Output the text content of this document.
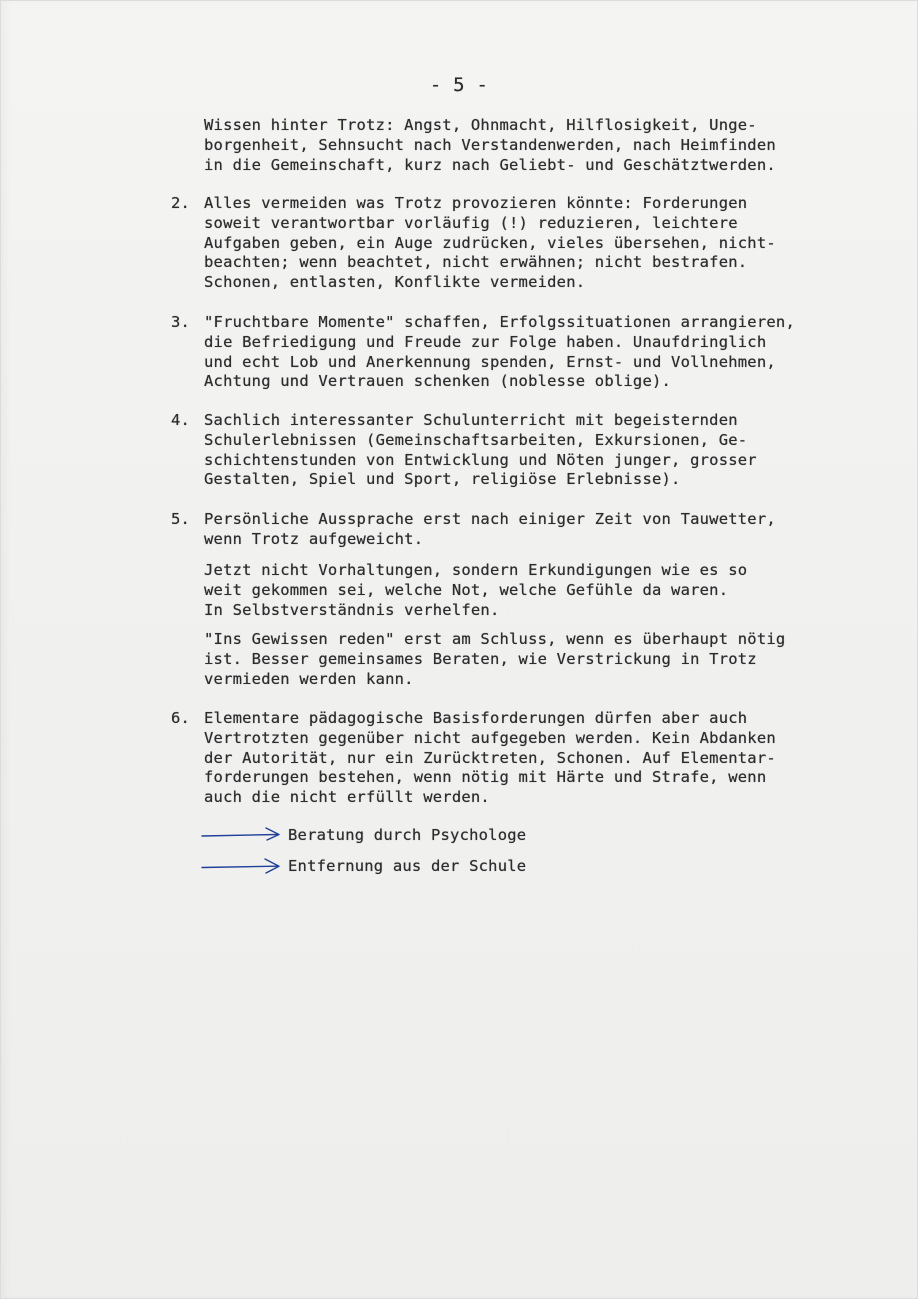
- 5 -
Wissen hinter Trotz: Angst, Ohnmacht, Hilflosigkeit, Unge-
borgenheit, Sehnsucht nach Verstandenwerden, nach Heimfinden
in die Gemeinschaft, kurz nach Geliebt- und Geschätztwerden.
2. Alles vermeiden was Trotz provozieren könnte: Forderungen
soweit verantwortbar vorläufig (!) reduzieren, leichtere
Aufgaben geben, ein Auge zudrücken, vieles übersehen, nicht-
beachten; wenn beachtet, nicht erwähnen; nicht bestrafen.
Schonen, entlasten, Konflikte vermeiden.
3. "Fruchtbare Momente" schaffen, Erfolgssituationen arrangieren,
die Befriedigung und Freude zur Folge haben. Unaufdringlich
und echt Lob und Anerkennung spenden, Ernst- und Vollnehmen,
Achtung und Vertrauen schenken (noblesse oblige).
4. Sachlich interessanter Schulunterricht mit begeisternden
Schulerlebnissen (Gemeinschaftsarbeiten, Exkursionen, Ge-
schichtenstunden von Entwicklung und Nöten junger, grosser
Gestalten, Spiel und Sport, religiöse Erlebnisse).
5. Persönliche Aussprache erst nach einiger Zeit von Tauwetter,
wenn Trotz aufgeweicht.
Jetzt nicht Vorhaltungen, sondern Erkundigungen wie es so
weit gekommen sei, welche Not, welche Gefühle da waren.
In Selbstverständnis verhelfen.
"Ins Gewissen reden" erst am Schluss, wenn es überhaupt nötig
ist. Besser gemeinsames Beraten, wie Verstrickung in Trotz
vermieden werden kann.
6. Elementare pädagogische Basisforderungen dürfen aber auch
Vertrotzten gegenüber nicht aufgegeben werden. Kein Abdanken
der Autorität, nur ein Zurücktreten, Schonen. Auf Elementar-
forderungen bestehen, wenn nötig mit Härte und Strafe, wenn
auch die nicht erfüllt werden.
Beratung durch Psychologe
Entfernung aus der Schule
